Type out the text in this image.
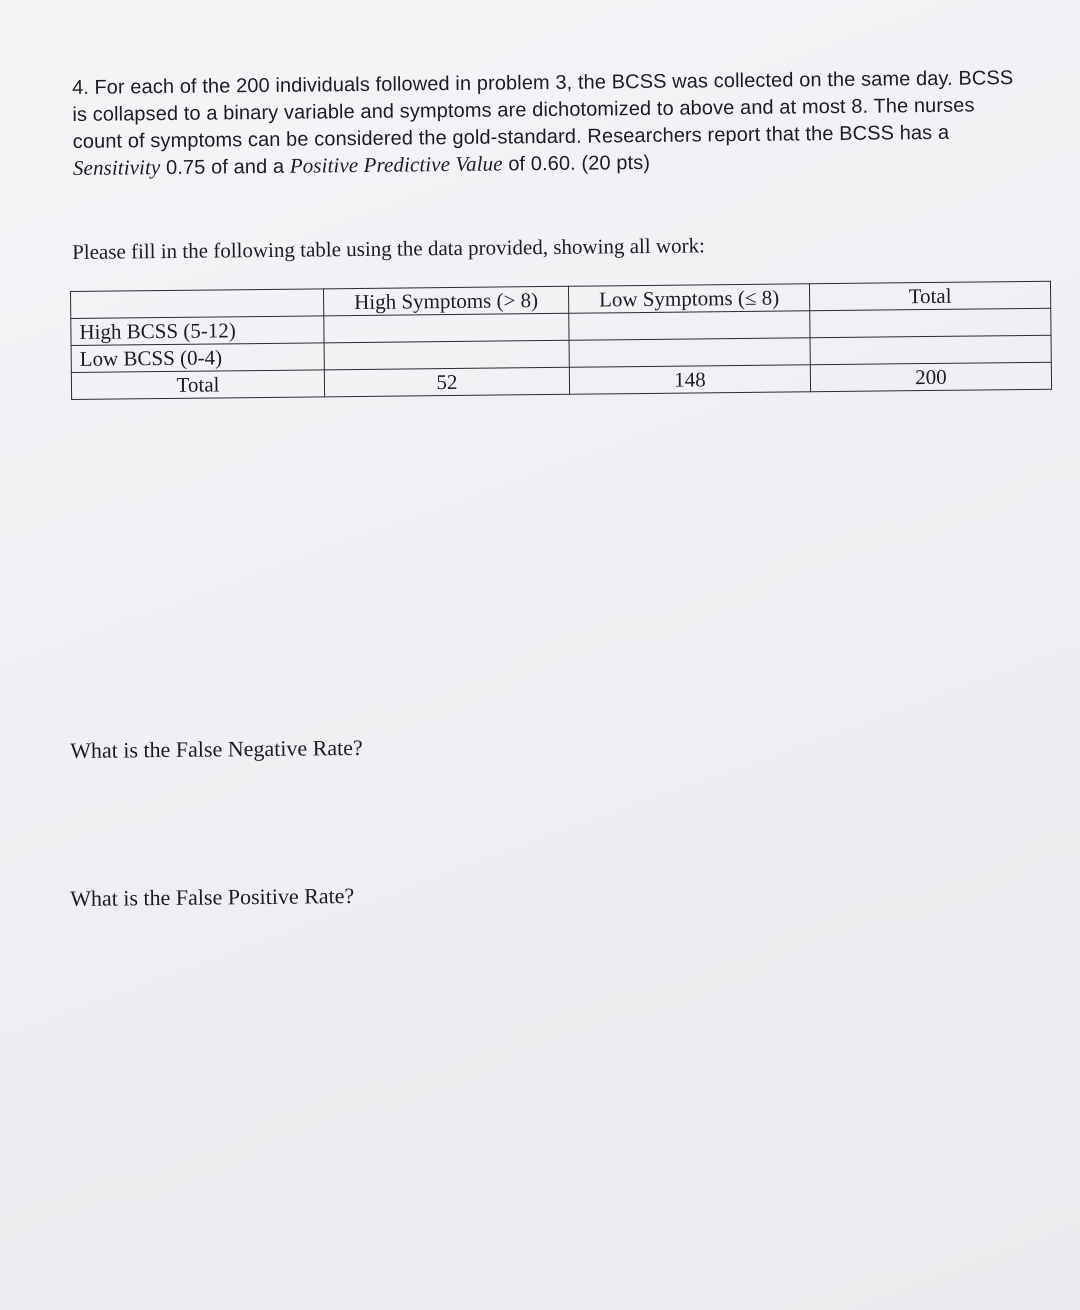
4. For each of the 200 individuals followed in problem 3, the BCSS was collected on the same day. BCSS is collapsed to a binary variable and symptoms are dichotomized to above and at most 8. The nurses count of symptoms can be considered the gold-standard. Researchers report that the BCSS has a Sensitivity 0.75 of and a Positive Predictive Value of 0.60. (20 pts)

Please fill in the following table using the data provided, showing all work:

	High Symptoms (> 8)	Low Symptoms (≤ 8)	Total
High BCSS (5-12)			
Low BCSS (0-4)			
Total	52	148	200

What is the False Negative Rate?

What is the False Positive Rate?
